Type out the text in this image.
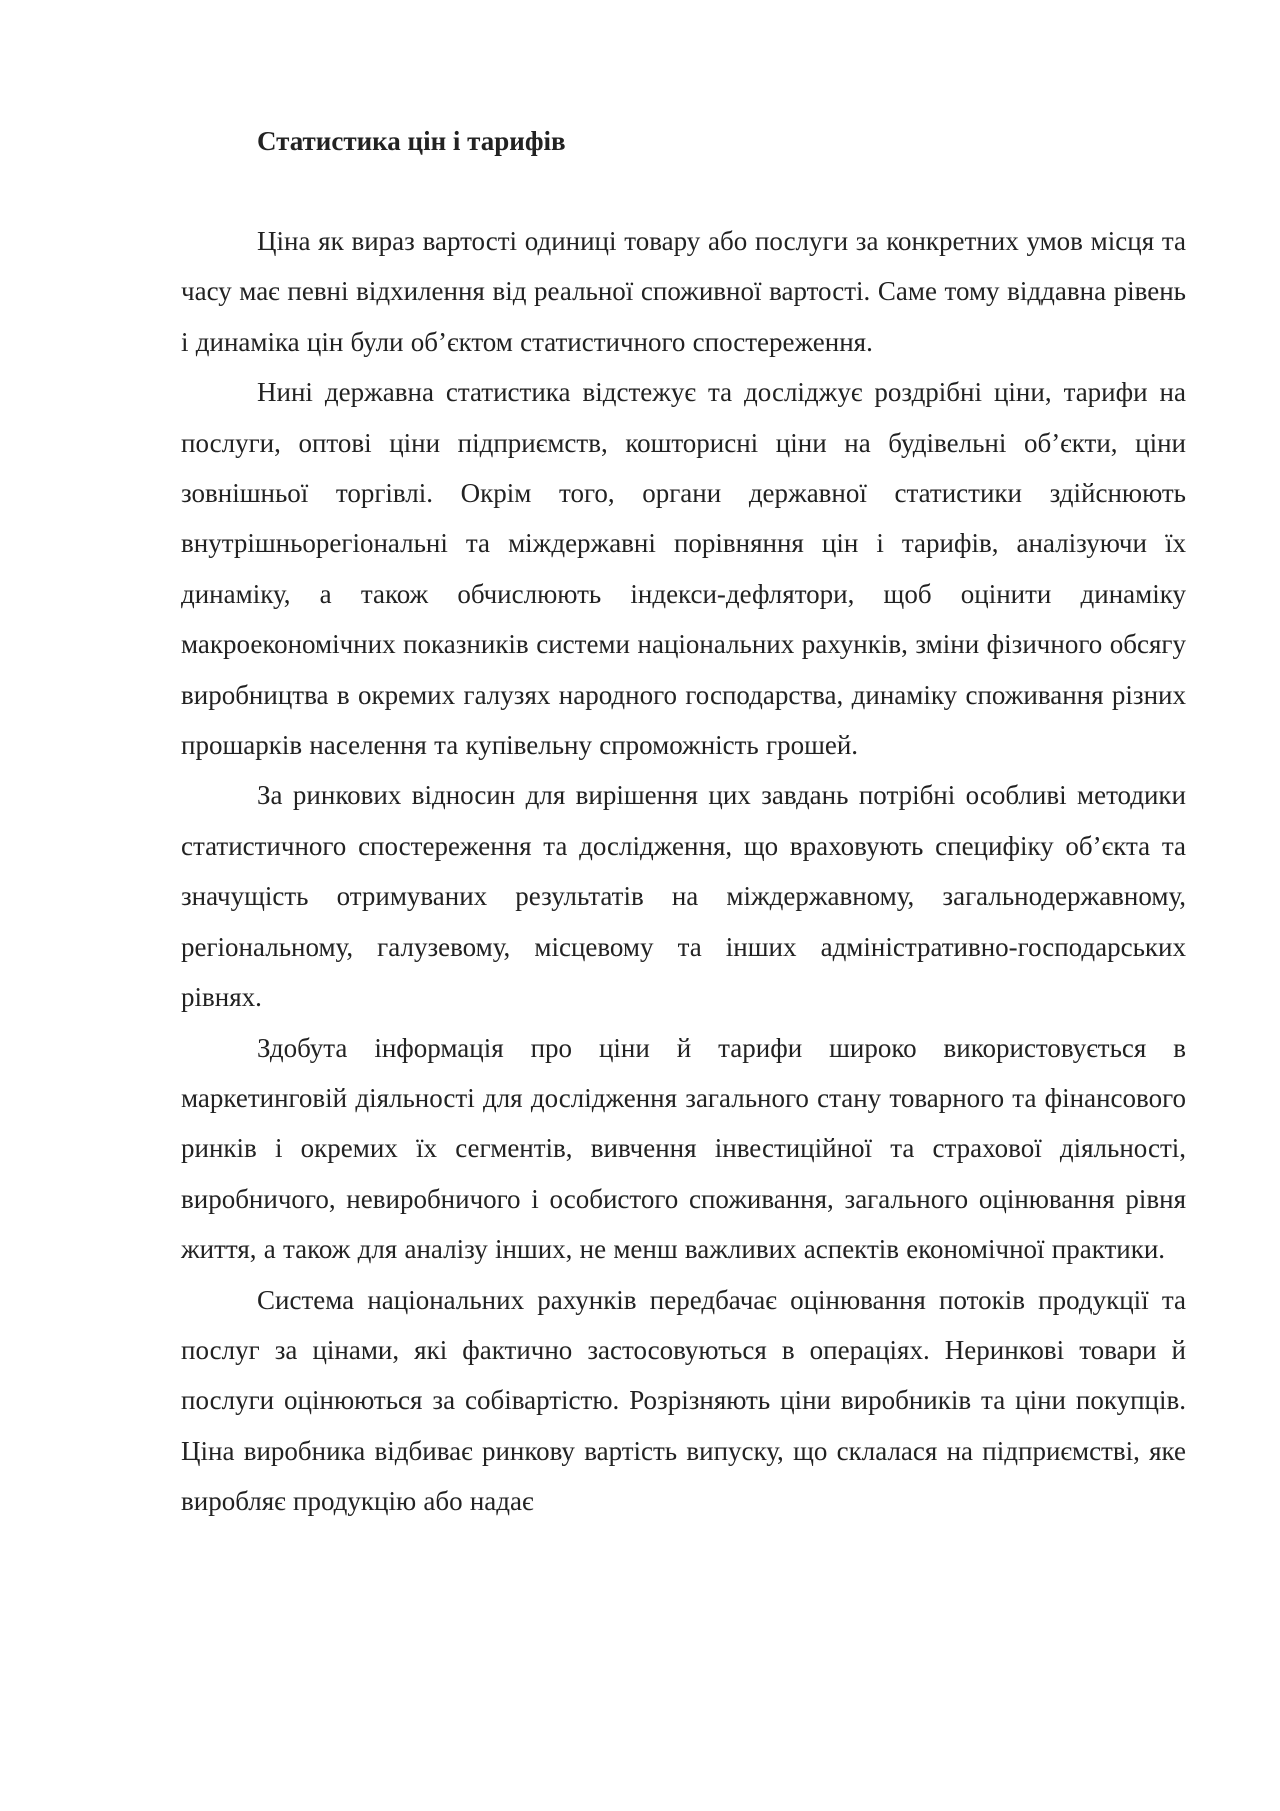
Статистика цін і тарифів

Ціна як вираз вартості одиниці товару або послуги за конкретних умов місця та часу має певні відхилення від реальної споживної вартості. Саме тому віддавна рівень і динаміка цін були об’єктом статистичного спостереження.

Нині державна статистика відстежує та досліджує роздрібні ціни, тарифи на послуги, оптові ціни підприємств, кошторисні ціни на будівельні об’єкти, ціни зовнішньої торгівлі. Окрім того, органи державної статистики здійснюють внутрішньорегіональні та міждержавні порівняння цін і тарифів, аналізуючи їх динаміку, а також обчислюють індекси-дефлятори, щоб оцінити динаміку макроекономічних показників системи національних рахунків, зміни фізичного обсягу виробництва в окремих галузях народного господарства, динаміку споживання різних прошарків населення та купівельну спроможність грошей.

За ринкових відносин для вирішення цих завдань потрібні особливі методики статистичного спостереження та дослідження, що враховують специфіку об’єкта та значущість отримуваних результатів на міждержавному, загальнодержавному, регіональному, галузевому, місцевому та інших адміністративно-господарських рівнях.

Здобута інформація про ціни й тарифи широко використовується в маркетинговій діяльності для дослідження загального стану товарного та фінансового ринків і окремих їх сегментів, вивчення інвестиційної та страхової діяльності, виробничого, невиробничого і особистого споживання, загального оцінювання рівня життя, а також для аналізу інших, не менш важливих аспектів економічної практики.

Система національних рахунків передбачає оцінювання потоків продукції та послуг за цінами, які фактично застосовуються в операціях. Неринкові товари й послуги оцінюються за собівартістю. Розрізняють ціни виробників та ціни покупців. Ціна виробника відбиває ринкову вартість випуску, що склалася на підприємстві, яке виробляє продукцію або надає
